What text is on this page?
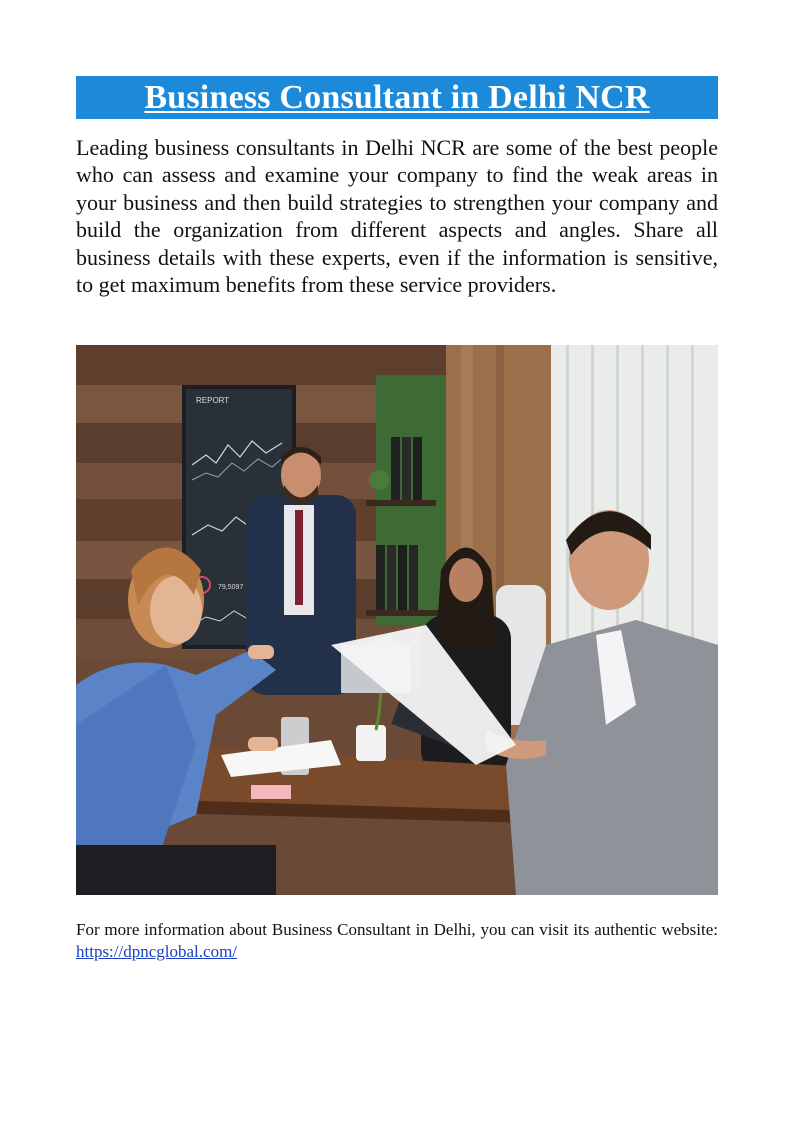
Business Consultant in Delhi NCR

Leading business consultants in Delhi NCR are some of the best people who can assess and examine your company to find the weak areas in your business and then build strategies to strengthen your company and build the organization from different aspects and angles. Share all business details with these experts, even if the information is sensitive, to get maximum benefits from these service providers.

REPORT
79,5097

For more information about Business Consultant in Delhi, you can visit its authentic website: https://dpncglobal.com/
